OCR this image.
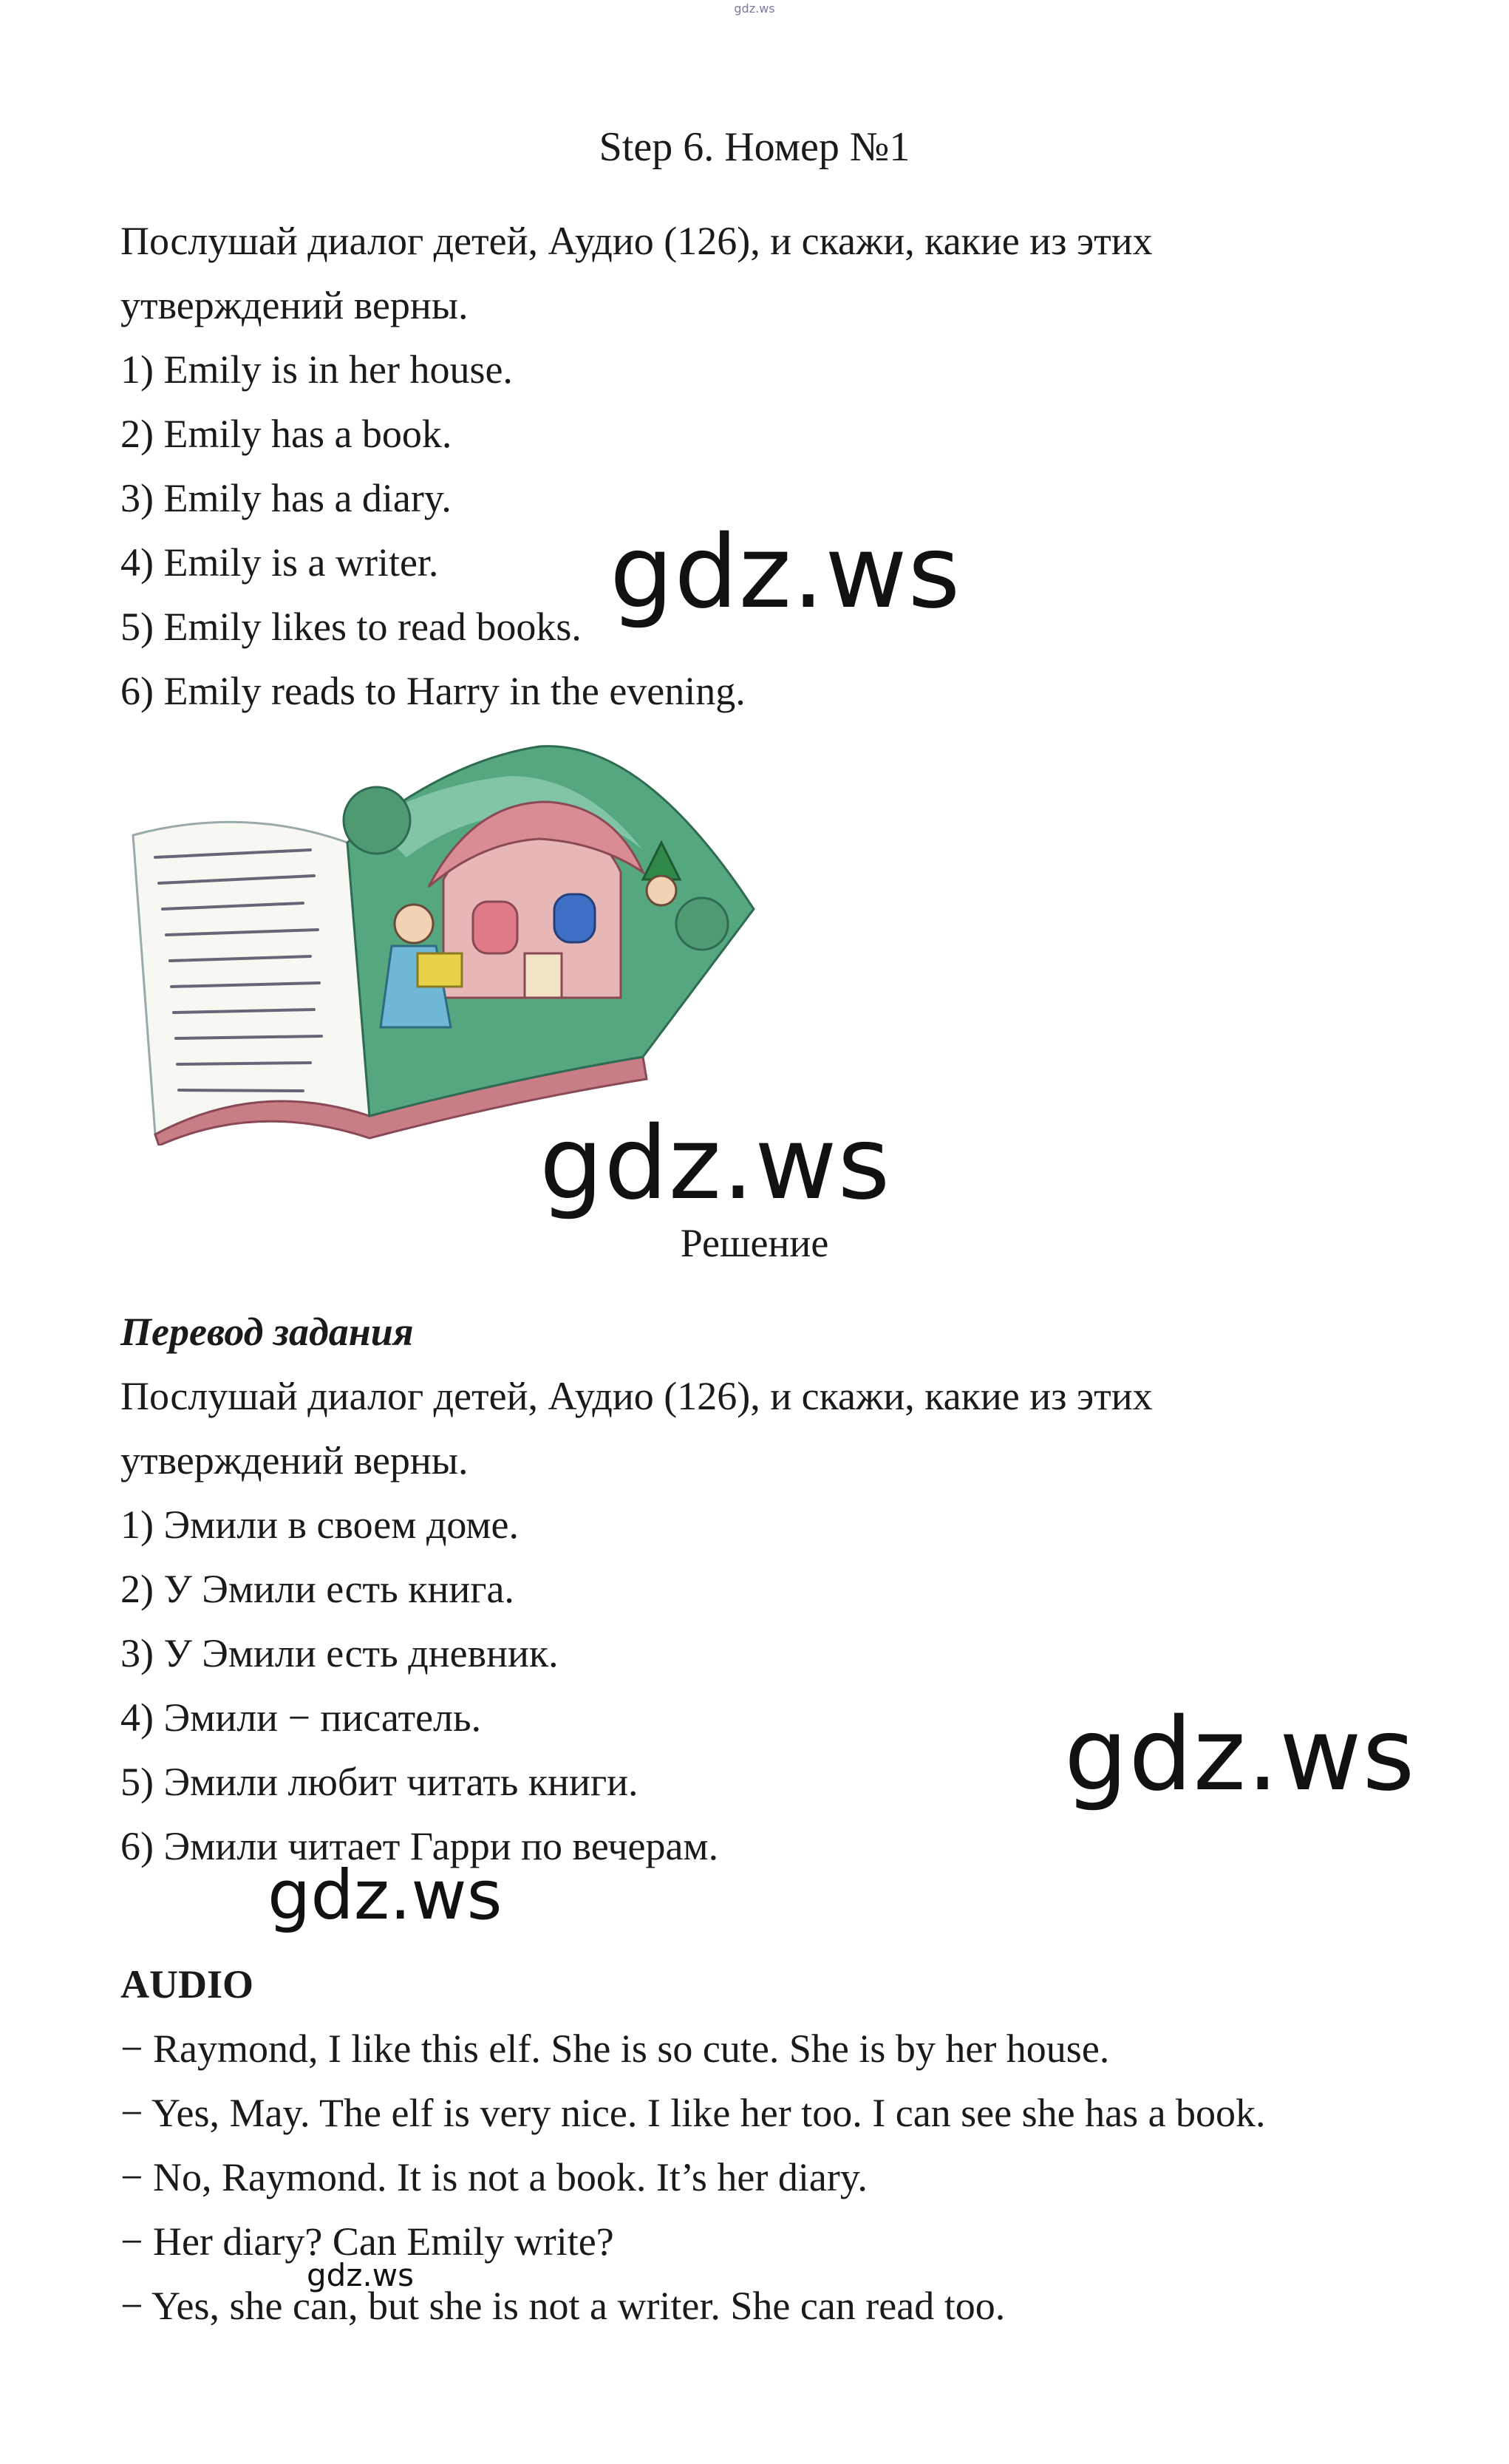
gdz.ws
Step 6. Номер №1
Послушай диалог детей, Аудио (126), и скажи, какие из этих
утверждений верны.
1) Emily is in her house.
2) Emily has a book.
3) Emily has a diary.
4) Emily is a writer.
5) Emily likes to read books.
6) Emily reads to Harry in the evening.
gdz.ws
Решение
Перевод задания
Послушай диалог детей, Аудио (126), и скажи, какие из этих
утверждений верны.
1) Эмили в своем доме.
2) У Эмили есть книга.
3) У Эмили есть дневник.
4) Эмили − писатель.
5) Эмили любит читать книги.
6) Эмили читает Гарри по вечерам.
AUDIO
− Raymond, I like this elf. She is so cute. She is by her house.
− Yes, May. The elf is very nice. I like her too. I can see she has a book.
− No, Raymond. It is not a book. It’s her diary.
− Her diary? Can Emily write?
− Yes, she can, but she is not a writer. She can read too.
gdz.ws
gdz.ws
gdz.ws
gdz.ws
